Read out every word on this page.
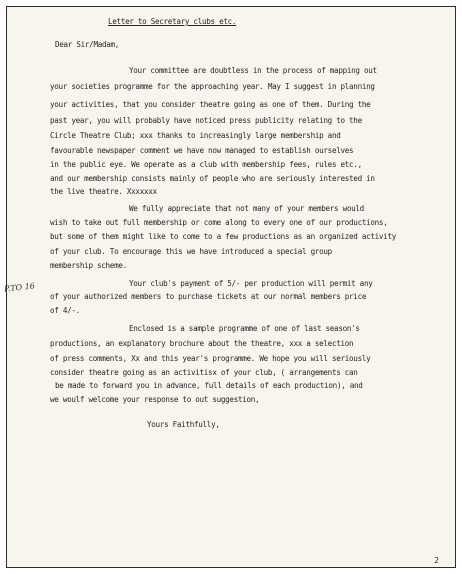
Letter to Secretary clubs etc.
Dear Sir/Madam,
Your committee are doubtless in the process of mapping out
your societies programme for the approaching year. May I suggest in planning
your activities, that you consider theatre going as one of them. During the
past year, you will probably have noticed press publicity relating to the
Circle Theatre Club; xxx thanks to increasingly large membership and
favourable newspaper comment we have now managed to establish ourselves
in the public eye. We operate as a club with membership fees, rules etc.,
and our membership consists mainly of people who are seriously interested in
the live theatre. Xxxxxxx
We fully appreciate that not many of your members would
wish to take out full membership or come along to every one of our productions,
but some of them might like to come to a few productions as an organized activity
of your club. To encourage this we have introduced a special group
membership scheme.
Your club's payment of 5/- per production will permit any
of your authorized members to purchase tickets at our normal members price
of 4/-.
Enclosed is a sample programme of one of last season's
productions, an explanatory brochure about the theatre, xxx a selection
of press comments, Xx and this year's programme. We hope you will seriously
consider theatre going as an activitisx of your club, ( arrangements can
be made to forward you in advance, full details of each production), and
we woulf welcome your response to out suggestion,
Yours Faithfully,
P.TO 16
2
